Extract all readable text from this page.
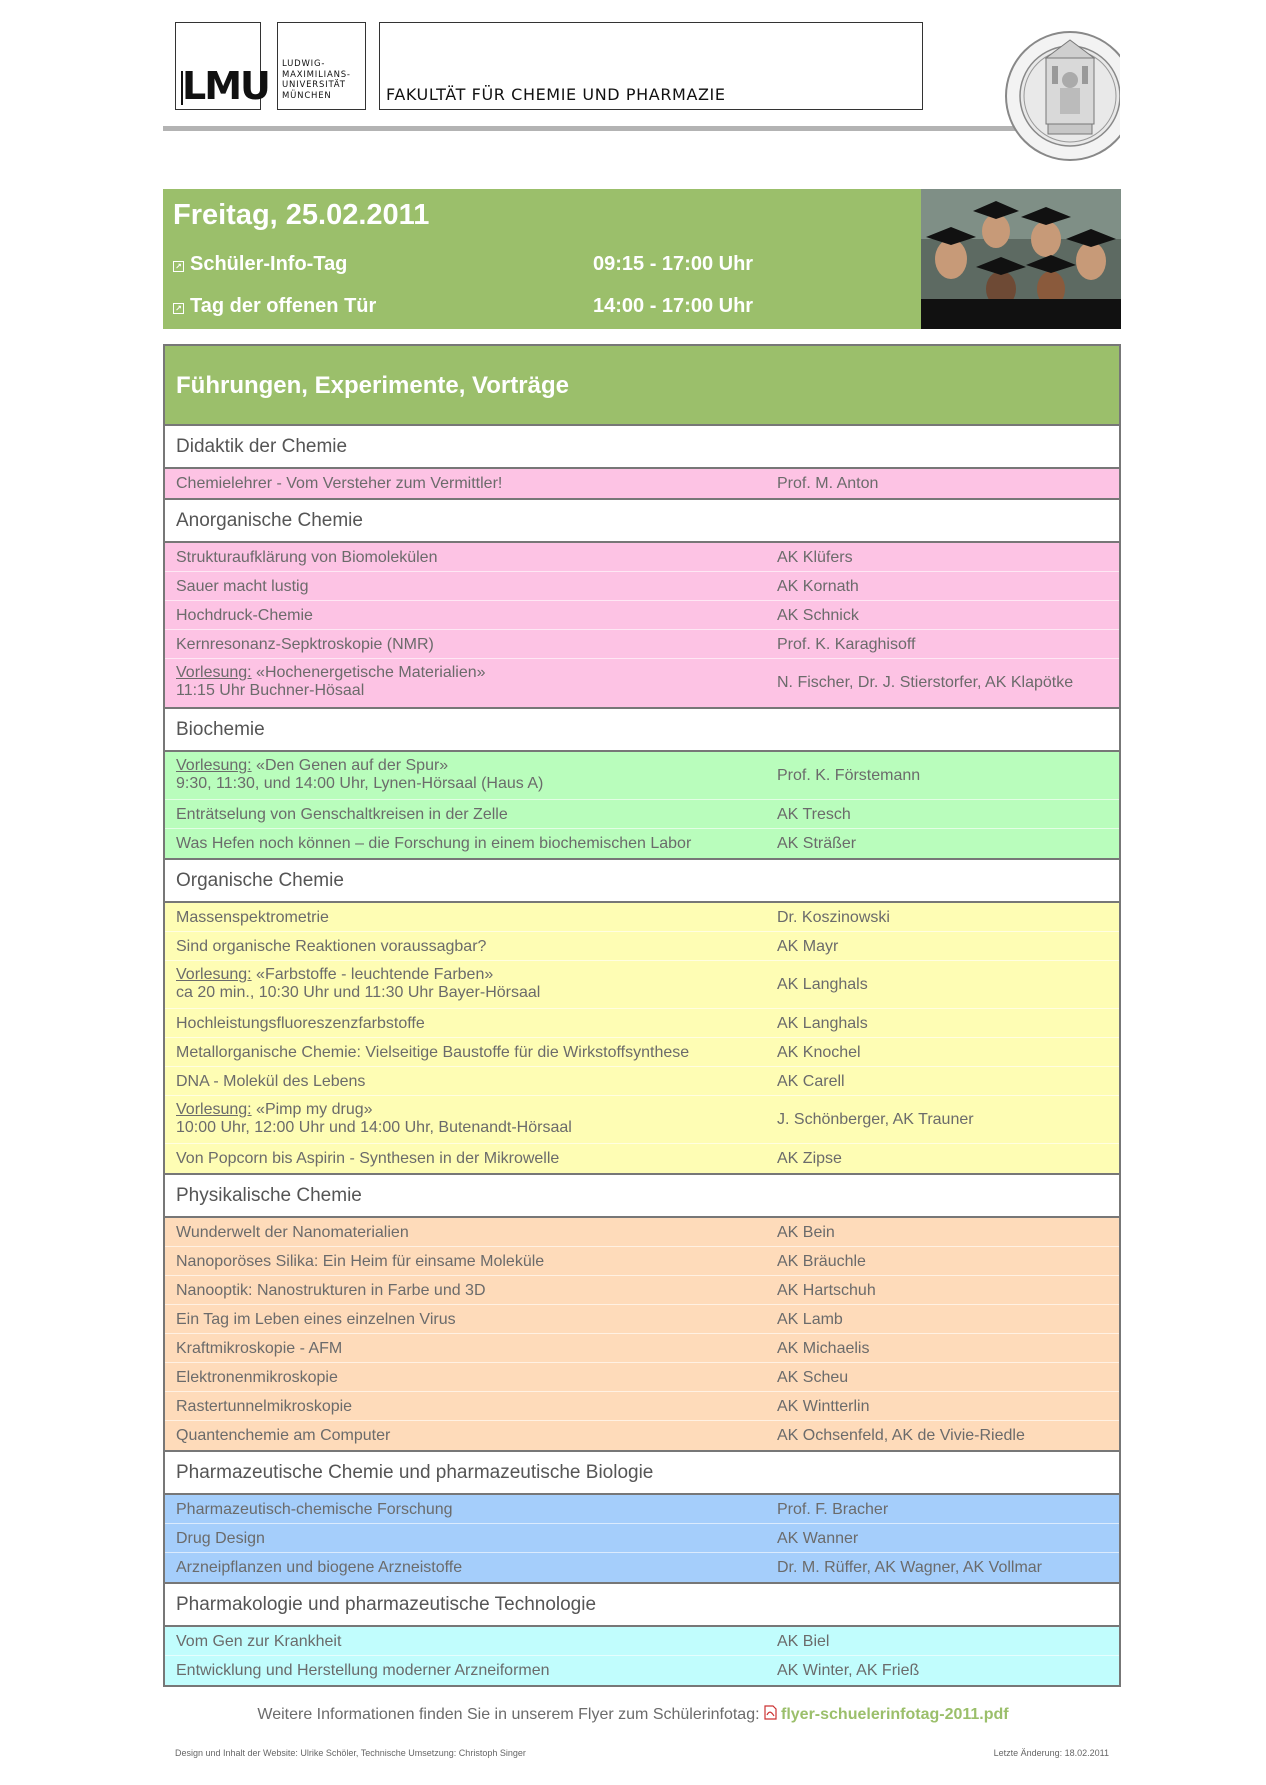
LMU LUDWIG-
MAXIMILIANS-
UNIVERSITÄT
MÜNCHEN	FAKULTÄT FÜR CHEMIE UND PHARMAZIE
Freitag, 25.02.2011
↗ Schüler-Info-Tag	09:15 - 17:00 Uhr
↗ Tag der offenen Tür	14:00 - 17:00 Uhr
Führungen, Experimente, Vorträge
Didaktik der Chemie
Chemielehrer - Vom Versteher zum Vermittler!	Prof. M. Anton
Anorganische Chemie
Strukturaufklärung von Biomolekülen	AK Klüfers
Sauer macht lustig	AK Kornath
Hochdruck-Chemie	AK Schnick
Kernresonanz-Sepktroskopie (NMR)	Prof. K. Karaghisoff
Vorlesung: «Hochenergetische Materialien»
11:15 Uhr Buchner-Hösaal	N. Fischer, Dr. J. Stierstorfer, AK Klapötke
Biochemie
Vorlesung: «Den Genen auf der Spur»
9:30, 11:30, und 14:00 Uhr, Lynen-Hörsaal (Haus A)	Prof. K. Förstemann
Enträtselung von Genschaltkreisen in der Zelle	AK Tresch
Was Hefen noch können – die Forschung in einem biochemischen Labor	AK Sträßer
Organische Chemie
Massenspektrometrie	Dr. Koszinowski
Sind organische Reaktionen voraussagbar?	AK Mayr
Vorlesung: «Farbstoffe - leuchtende Farben»
ca 20 min., 10:30 Uhr und 11:30 Uhr Bayer-Hörsaal	AK Langhals
Hochleistungsfluoreszenzfarbstoffe	AK Langhals
Metallorganische Chemie: Vielseitige Baustoffe für die Wirkstoffsynthese	AK Knochel
DNA - Molekül des Lebens	AK Carell
Vorlesung: «Pimp my drug»
10:00 Uhr, 12:00 Uhr und 14:00 Uhr, Butenandt-Hörsaal	J. Schönberger, AK Trauner
Von Popcorn bis Aspirin - Synthesen in der Mikrowelle	AK Zipse
Physikalische Chemie
Wunderwelt der Nanomaterialien	AK Bein
Nanoporöses Silika: Ein Heim für einsame Moleküle	AK Bräuchle
Nanooptik: Nanostrukturen in Farbe und 3D	AK Hartschuh
Ein Tag im Leben eines einzelnen Virus	AK Lamb
Kraftmikroskopie - AFM	AK Michaelis
Elektronenmikroskopie	AK Scheu
Rastertunnelmikroskopie	AK Wintterlin
Quantenchemie am Computer	AK Ochsenfeld, AK de Vivie-Riedle
Pharmazeutische Chemie und pharmazeutische Biologie
Pharmazeutisch-chemische Forschung	Prof. F. Bracher
Drug Design	AK Wanner
Arzneipflanzen und biogene Arzneistoffe	Dr. M. Rüffer, AK Wagner, AK Vollmar
Pharmakologie und pharmazeutische Technologie
Vom Gen zur Krankheit	AK Biel
Entwicklung und Herstellung moderner Arzneiformen	AK Winter, AK Frieß
Weitere Informationen finden Sie in unserem Flyer zum Schülerinfotag: flyer-schuelerinfotag-2011.pdf
Design und Inhalt der Website: Ulrike Schöler, Technische Umsetzung: Christoph Singer	Letzte Änderung: 18.02.2011
